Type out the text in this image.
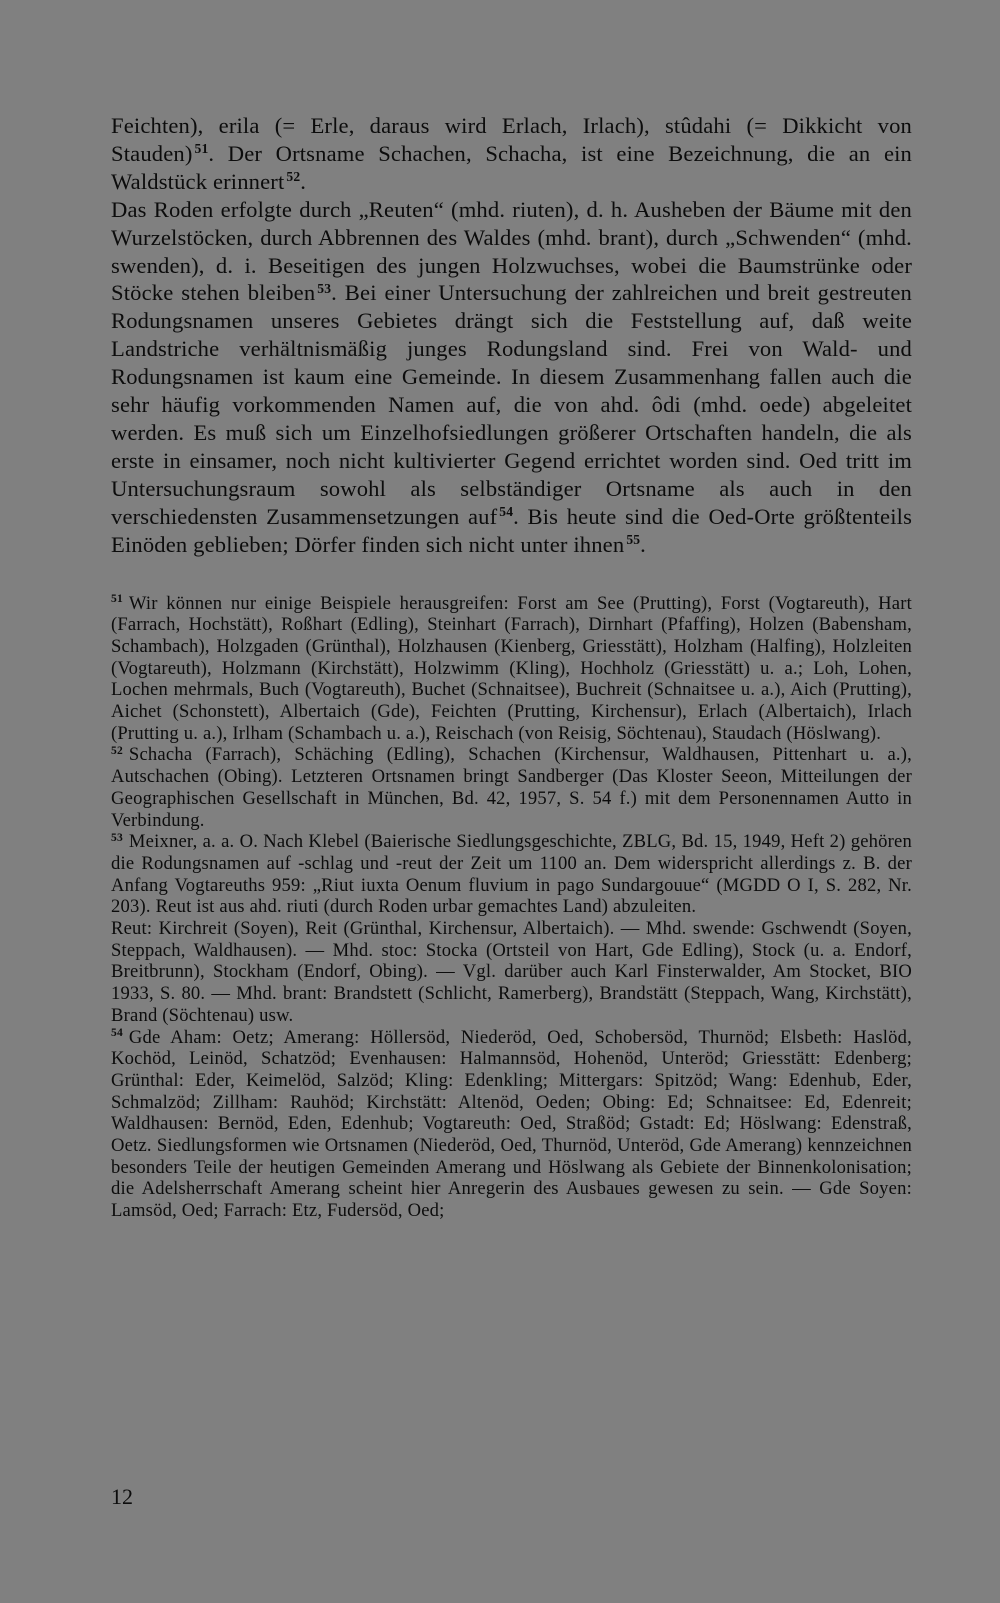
Feichten), erila (= Erle, daraus wird Erlach, Irlach), stûdahi (= Dikkicht von Stauden) $^{51}$. Der Ortsname Schachen, Schacha, ist eine Bezeichnung, die an ein Waldstück erinnert $^{52}$.

Das Roden erfolgte durch „Reuten“ (mhd. riuten), d. h. Ausheben der Bäume mit den Wurzelstöcken, durch Abbrennen des Waldes (mhd. brant), durch „Schwenden“ (mhd. swenden), d. i. Beseitigen des jungen Holzwuchses, wobei die Baumstrünke oder Stöcke stehen bleiben $^{53}$. Bei einer Untersuchung der zahlreichen und breit gestreuten Rodungsnamen unseres Gebietes drängt sich die Feststellung auf, daß weite Landstriche verhältnismäßig junges Rodungsland sind. Frei von Wald- und Rodungsnamen ist kaum eine Gemeinde. In diesem Zusammenhang fallen auch die sehr häufig vorkommenden Namen auf, die von ahd. ôdi (mhd. oede) abgeleitet werden. Es muß sich um Einzelhofsiedlungen größerer Ortschaften handeln, die als erste in einsamer, noch nicht kultivierter Gegend errichtet worden sind. Oed tritt im Untersuchungsraum sowohl als selbständiger Ortsname als auch in den verschiedensten Zusammensetzungen auf $^{54}$. Bis heute sind die Oed-Orte größtenteils Einöden geblieben; Dörfer finden sich nicht unter ihnen $^{55}$.

$^{51}$ Wir können nur einige Beispiele herausgreifen: Forst am See (Prutting), Forst (Vogtareuth), Hart (Farrach, Hochstätt), Roßhart (Edling), Steinhart (Farrach), Dirnhart (Pfaffing), Holzen (Babensham, Schambach), Holzgaden (Grünthal), Holzhausen (Kienberg, Griesstätt), Holzham (Halfing), Holzleiten (Vogtareuth), Holzmann (Kirchstätt), Holzwimm (Kling), Hochholz (Griesstätt) u. a.; Loh, Lohen, Lochen mehrmals, Buch (Vogtareuth), Buchet (Schnaitsee), Buchreit (Schnaitsee u. a.), Aich (Prutting), Aichet (Schonstett), Albertaich (Gde), Feichten (Prutting, Kirchensur), Erlach (Albertaich), Irlach (Prutting u. a.), Irlham (Schambach u. a.), Reischach (von Reisig, Söchtenau), Staudach (Höslwang).

$^{52}$ Schacha (Farrach), Schäching (Edling), Schachen (Kirchensur, Waldhausen, Pittenhart u. a.), Autschachen (Obing). Letzteren Ortsnamen bringt Sandberger (Das Kloster Seeon, Mitteilungen der Geographischen Gesellschaft in München, Bd. 42, 1957, S. 54 f.) mit dem Personennamen Autto in Verbindung.

$^{53}$ Meixner, a. a. O. Nach Klebel (Baierische Siedlungsgeschichte, ZBLG, Bd. 15, 1949, Heft 2) gehören die Rodungsnamen auf -schlag und -reut der Zeit um 1100 an. Dem widerspricht allerdings z. B. der Anfang Vogtareuths 959: „Riut iuxta Oenum fluvium in pago Sundargouue“ (MGDD O I, S. 282, Nr. 203). Reut ist aus ahd. riuti (durch Roden urbar gemachtes Land) abzuleiten.

Reut: Kirchreit (Soyen), Reit (Grünthal, Kirchensur, Albertaich). — Mhd. swende: Gschwendt (Soyen, Steppach, Waldhausen). — Mhd. stoc: Stocka (Ortsteil von Hart, Gde Edling), Stock (u. a. Endorf, Breitbrunn), Stockham (Endorf, Obing). — Vgl. darüber auch Karl Finsterwalder, Am Stocket, BIO 1933, S. 80. — Mhd. brant: Brandstett (Schlicht, Ramerberg), Brandstätt (Steppach, Wang, Kirchstätt), Brand (Söchtenau) usw.

$^{54}$ Gde Aham: Oetz; Amerang: Höllersöd, Niederöd, Oed, Schobersöd, Thurnöd; Elsbeth: Haslöd, Kochöd, Leinöd, Schatzöd; Evenhausen: Halmannsöd, Hohenöd, Unteröd; Griesstätt: Edenberg; Grünthal: Eder, Keimelöd, Salzöd; Kling: Edenkling; Mittergars: Spitzöd; Wang: Edenhub, Eder, Schmalzöd; Zillham: Rauhöd; Kirchstätt: Altenöd, Oeden; Obing: Ed; Schnaitsee: Ed, Edenreit; Waldhausen: Bernöd, Eden, Edenhub; Vogtareuth: Oed, Straßöd; Gstadt: Ed; Höslwang: Edenstraß, Oetz. Siedlungsformen wie Ortsnamen (Niederöd, Oed, Thurnöd, Unteröd, Gde Amerang) kennzeichnen besonders Teile der heutigen Gemeinden Amerang und Höslwang als Gebiete der Binnenkolonisation; die Adelsherrschaft Amerang scheint hier Anregerin des Ausbaues gewesen zu sein. — Gde Soyen: Lamsöd, Oed; Farrach: Etz, Fudersöd, Oed;

12
